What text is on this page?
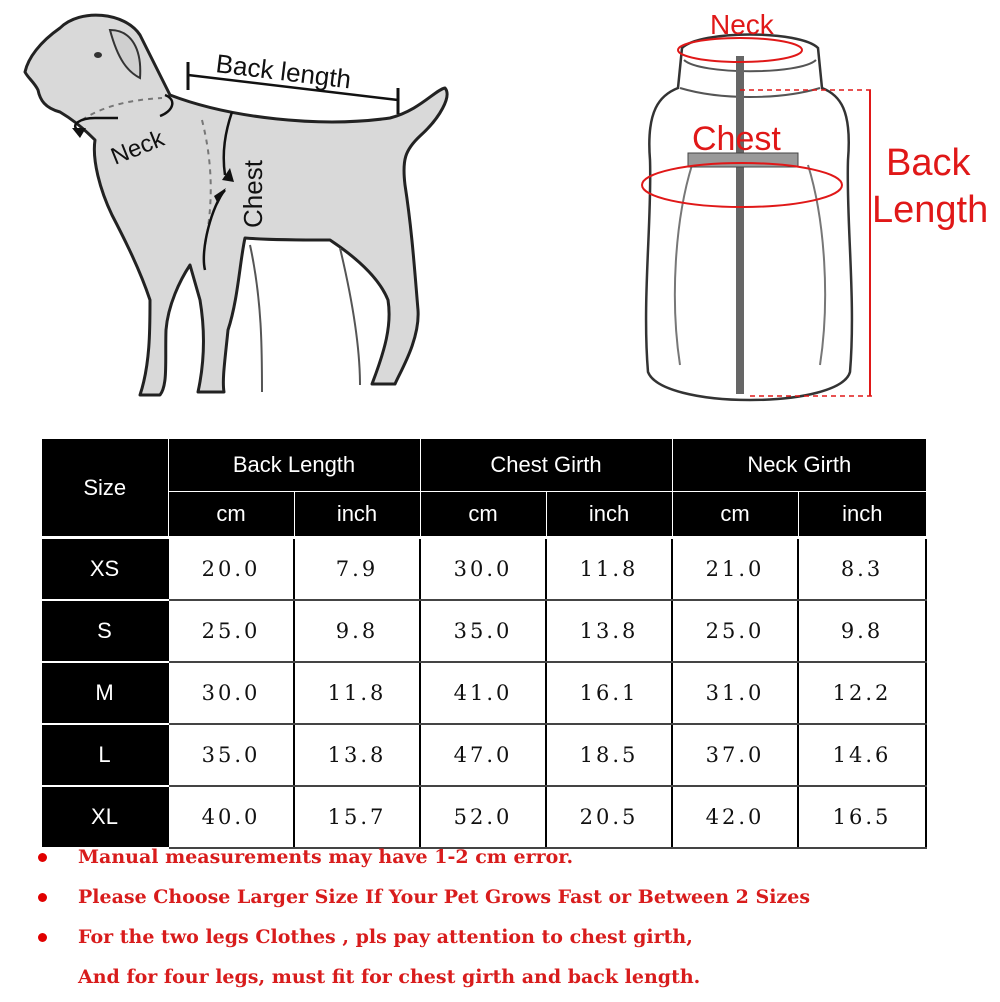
Back length
Neck
Chest
Neck
Chest
Back
Length
Size	Back Length		Chest Girth		Neck Girth	
	cm	inch	cm	inch	cm	inch
XS	20.0	7.9	30.0	11.8	21.0	8.3
S	25.0	9.8	35.0	13.8	25.0	9.8
M	30.0	11.8	41.0	16.1	31.0	12.2
L	35.0	13.8	47.0	18.5	37.0	14.6
XL	40.0	15.7	52.0	20.5	42.0	16.5
Manual measurements may have 1-2 cm error.
Please Choose Larger Size If Your Pet Grows Fast or Between 2 Sizes
For the two legs Clothes , pls pay attention to chest girth,
And for four legs, must fit for chest girth and back length.
